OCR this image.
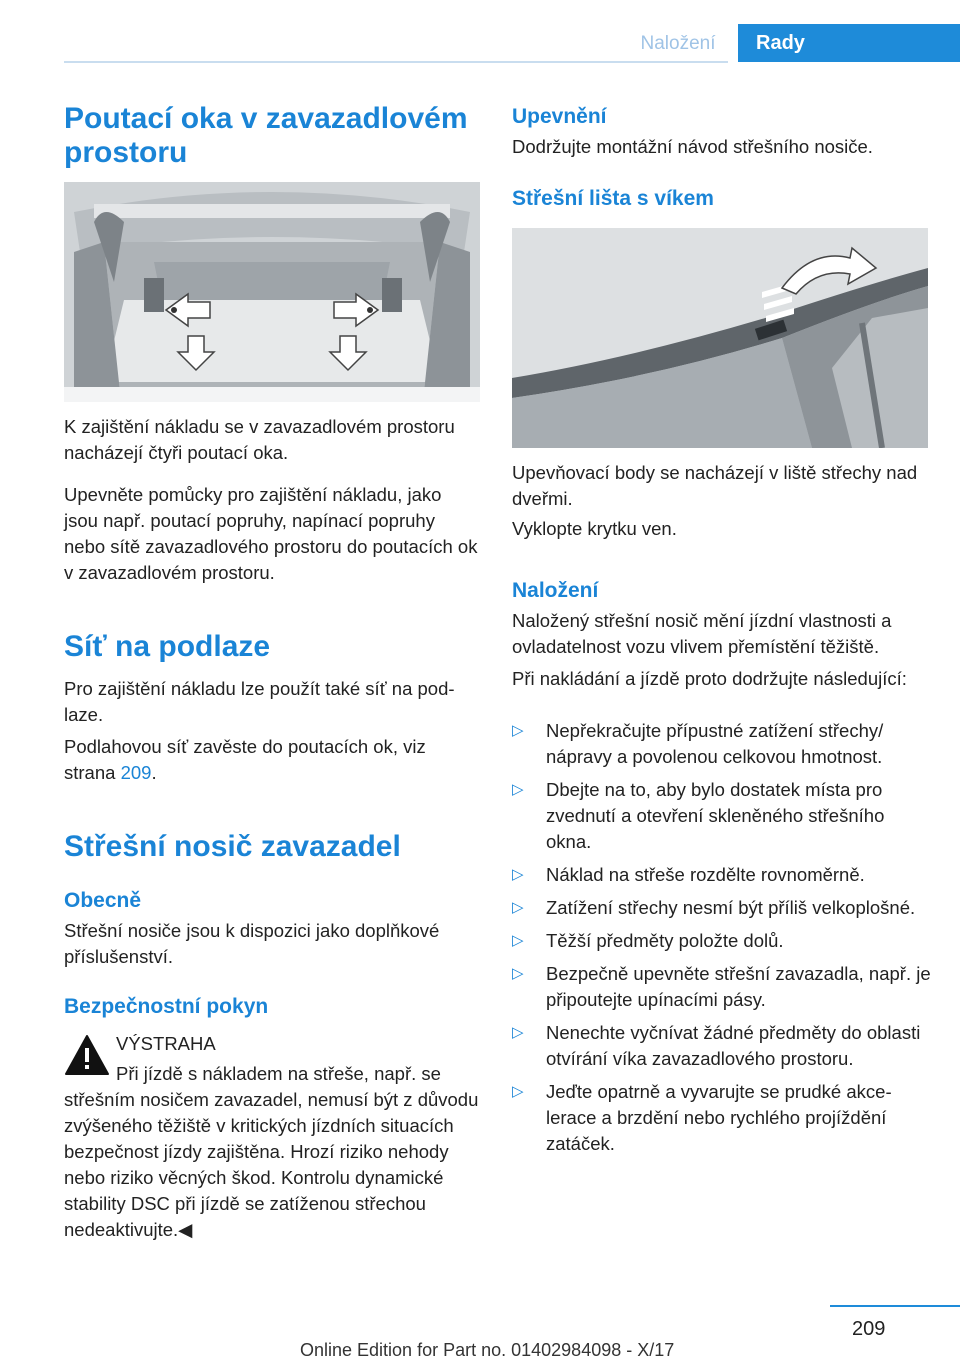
Naložení	Rady
Poutací oka v zavazadlovém prostoru

K zajištění nákladu se v zavazadlovém prostoru nacházejí čtyři poutací oka.

Upevněte pomůcky pro zajištění nákladu, jako jsou např. poutací popruhy, napínací popruhy nebo sítě zavazadlového prostoru do poutacích ok v zavazadlovém prostoru.

Síť na podlaze

Pro zajištění nákladu lze použít také síť na podlaze.

Podlahovou síť zavěste do poutacích ok, viz strana 209.

Střešní nosič zavazadel
Obecně

Střešní nosiče jsou k dispozici jako doplňkové příslušenství.

Bezpečnostní pokyn

VÝSTRAHA

Při jízdě s nákladem na střeše, např. se

střešním nosičem zavazadel, nemusí být z důvodu zvýšeného těžiště v kritických jízdních situacích bezpečnost jízdy zajištěna. Hrozí riziko nehody nebo riziko věcných škod. Kontrolu dynamické stability DSC při jízdě se zatíženou střechou nedeaktivujte.◀

Upevnění

Dodržujte montážní návod střešního nosiče.

Střešní lišta s víkem

Upevňovací body se nacházejí v liště střechy nad dveřmi.

Vyklopte krytku ven.

Naložení

Naložený střešní nosič mění jízdní vlastnosti a ovladatelnost vozu vlivem přemístění těžiště.

Při nakládání a jízdě proto dodržujte následující:

▷ Nepřekračujte přípustné zatížení střechy/ nápravy a povolenou celkovou hmotnost.
▷ Dbejte na to, aby bylo dostatek místa pro zvednutí a otevření skleněného střešního okna.
▷ Náklad na střeše rozdělte rovnoměrně.
▷ Zatížení střechy nesmí být příliš velkoplošné.
▷ Těžší předměty položte dolů.
▷ Bezpečně upevněte střešní zavazadla, např. je připoutejte upínacími pásy.
▷ Nenechte vyčnívat žádné předměty do oblasti otvírání víka zavazadlového prostoru.
▷ Jeďte opatrně a vyvarujte se prudké akcelerace a brzdění nebo rychlého projíždění zatáček.
209
Online Edition for Part no. 01402984098 - X/17
